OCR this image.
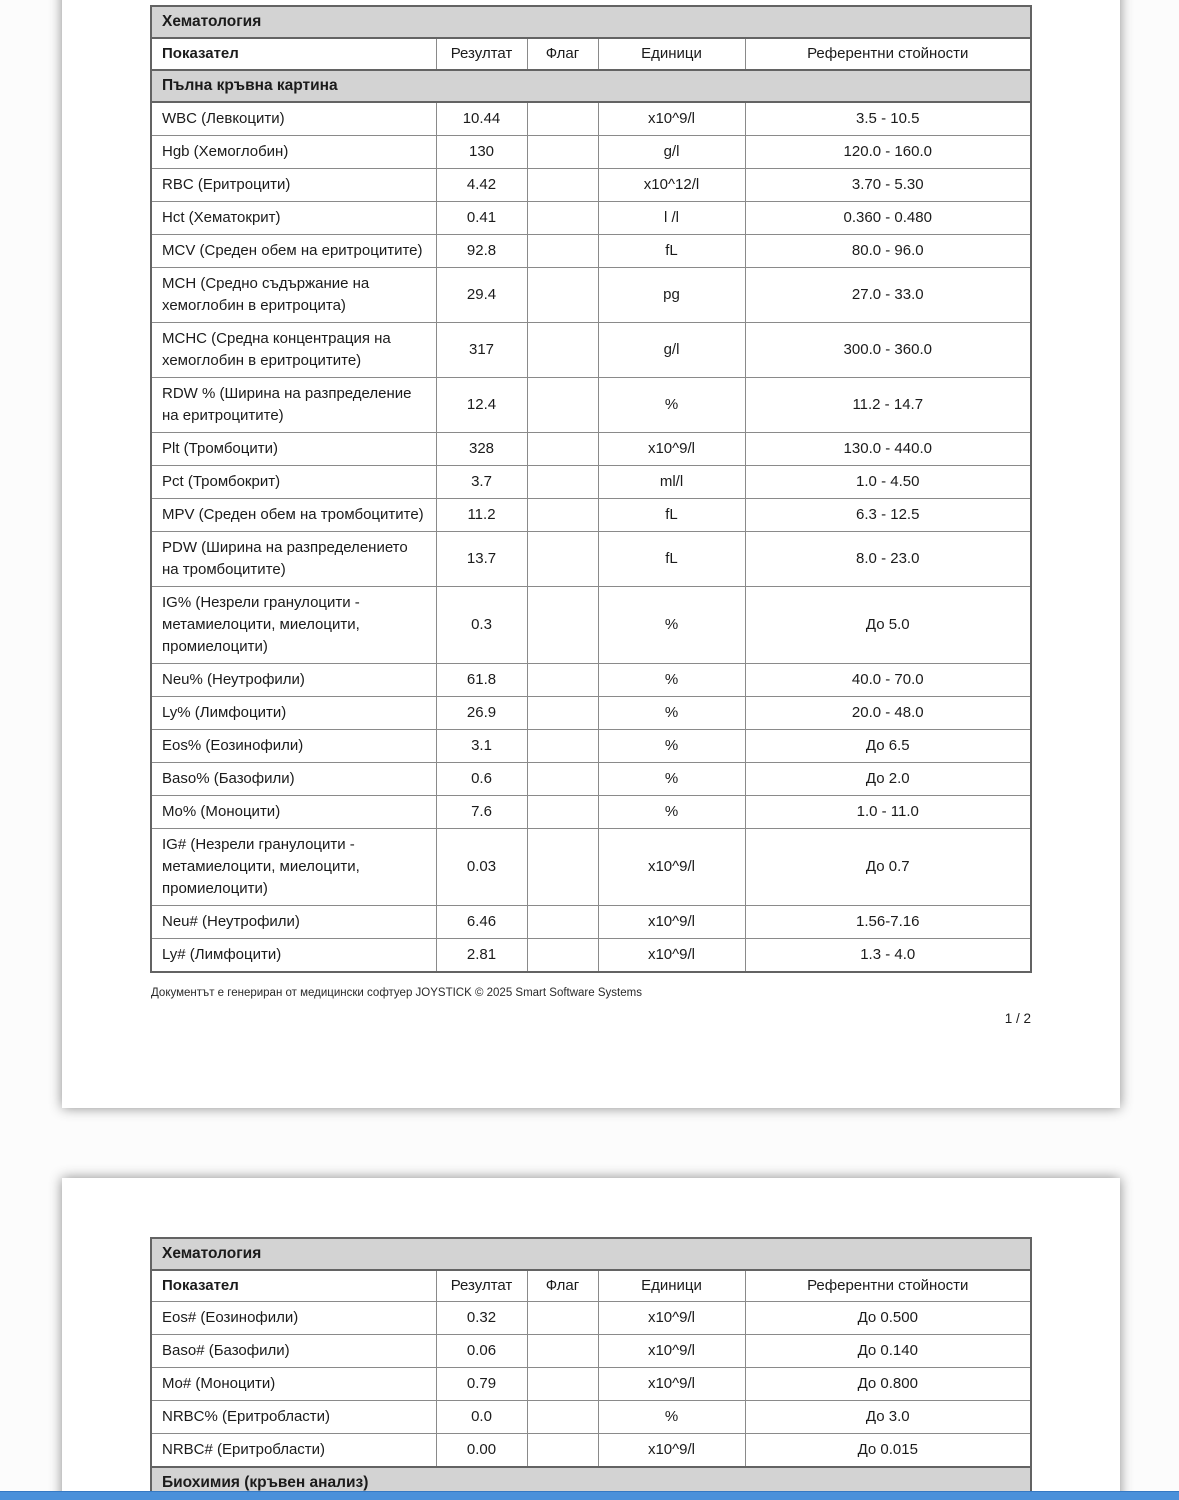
Хематология				
Показател	Резултат	Флаг	Единици	Референтни стойности
Пълна кръвна картина				
WBC (Левкоцити)	10.44		x10^9/l	3.5 - 10.5
Hgb (Хемоглобин)	130		g/l	120.0 - 160.0
RBC (Еритроцити)	4.42		x10^12/l	3.70 - 5.30
Hct (Хематокрит)	0.41		l /l	0.360 - 0.480
MCV (Среден обем на еритроцитите)	92.8		fL	80.0 - 96.0
MCH (Средно съдържание на хемоглобин в еритроцита)	29.4		pg	27.0 - 33.0
MCHC (Средна концентрация на хемоглобин в еритроцитите)	317		g/l	300.0 - 360.0
RDW % (Ширина на разпределение на еритроцитите)	12.4		%	11.2 - 14.7
Plt (Тромбоцити)	328		x10^9/l	130.0 - 440.0
Pct (Тромбокрит)	3.7		ml/l	1.0 - 4.50
MPV (Среден обем на тромбоцитите)	11.2		fL	6.3 - 12.5
PDW (Ширина на разпределението на тромбоцитите)	13.7		fL	8.0 - 23.0
IG% (Незрели гранулоцити - метамиелоцити, миелоцити, промиелоцити)	0.3		%	До 5.0
Neu% (Неутрофили)	61.8		%	40.0 - 70.0
Ly% (Лимфоцити)	26.9		%	20.0 - 48.0
Eos% (Еозинофили)	3.1		%	До 6.5
Baso% (Базофили)	0.6		%	До 2.0
Mo% (Моноцити)	7.6		%	1.0 - 11.0
IG# (Незрели гранулоцити - метамиелоцити, миелоцити, промиелоцити)	0.03		x10^9/l	До 0.7
Neu# (Неутрофили)	6.46		x10^9/l	1.56-7.16
Ly# (Лимфоцити)	2.81		x10^9/l	1.3 - 4.0
Документът е генериран от медицински софтуер JOYSTICK © 2025 Smart Software Systems
1 / 2
Хематология				
Показател	Резултат	Флаг	Единици	Референтни стойности
Eos# (Еозинофили)	0.32		x10^9/l	До 0.500
Baso# (Базофили)	0.06		x10^9/l	До 0.140
Mo# (Моноцити)	0.79		x10^9/l	До 0.800
NRBC% (Еритробласти)	0.0		%	До 3.0
NRBC# (Еритробласти)	0.00		x10^9/l	До 0.015
Биохимия (кръвен анализ)				
